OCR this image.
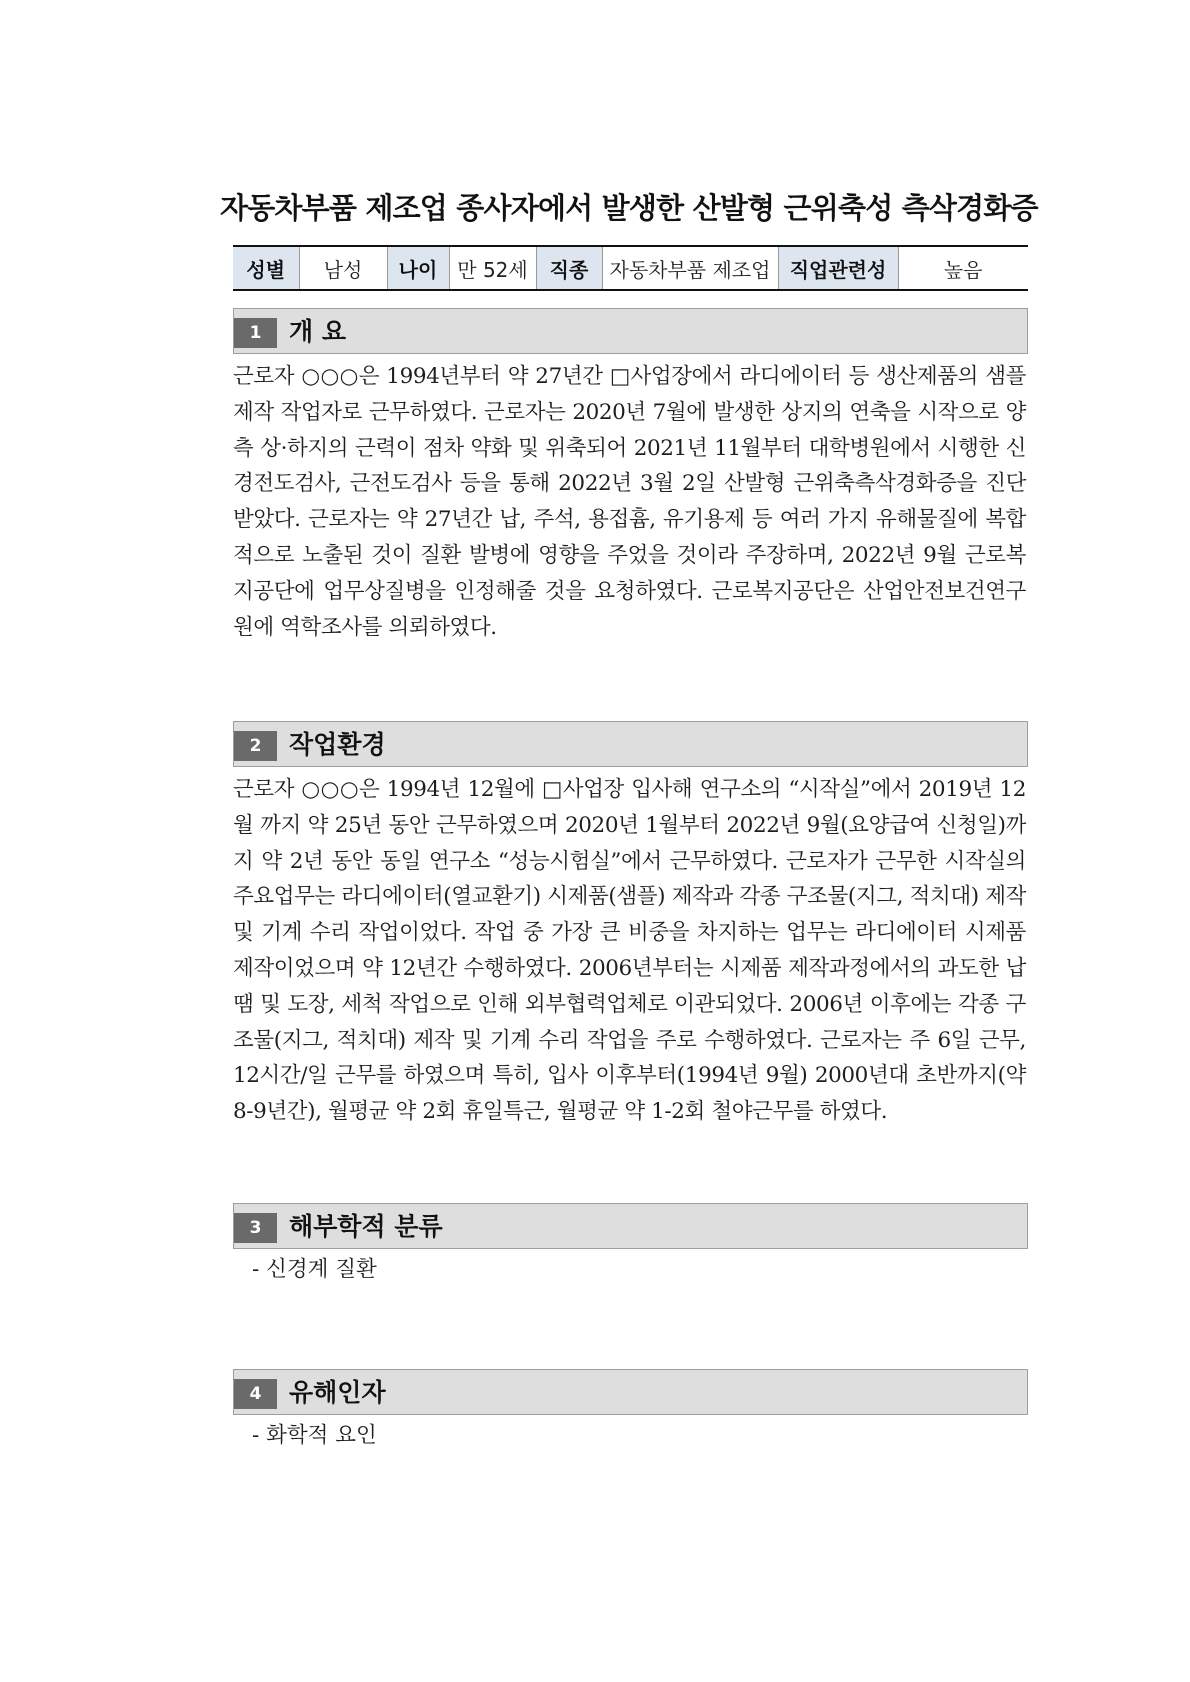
자동차부품 제조업 종사자에서 발생한 산발형 근위축성 측삭경화증
성별	남성	나이	만 52세	직종	자동차부품 제조업	직업관련성	높음
1	개 요

근로자 ○○○은 1994년부터 약 27년간 □사업장에서 라디에이터 등 생산제품의 샘플제작 작업자로 근무하였다. 근로자는 2020년 7월에 발생한 상지의 연축을 시작으로 양측 상·하지의 근력이 점차 약화 및 위축되어 2021년 11월부터 대학병원에서 시행한 신경전도검사, 근전도검사 등을 통해 2022년 3월 2일 산발형 근위축측삭경화증을 진단받았다. 근로자는 약 27년간 납, 주석, 용접흄, 유기용제 등 여러 가지 유해물질에 복합적으로 노출된 것이 질환 발병에 영향을 주었을 것이라 주장하며, 2022년 9월 근로복지공단에 업무상질병을 인정해줄 것을 요청하였다. 근로복지공단은 산업안전보건연구원에 역학조사를 의뢰하였다.

2	작업환경

근로자 ○○○은 1994년 12월에 □사업장 입사해 연구소의 “시작실”에서 2019년 12월 까지 약 25년 동안 근무하였으며 2020년 1월부터 2022년 9월(요양급여 신청일)까지 약 2년 동안 동일 연구소 “성능시험실”에서 근무하였다. 근로자가 근무한 시작실의 주요업무는 라디에이터(열교환기) 시제품(샘플) 제작과 각종 구조물(지그, 적치대) 제작 및 기계 수리 작업이었다. 작업 중 가장 큰 비중을 차지하는 업무는 라디에이터 시제품 제작이었으며 약 12년간 수행하였다. 2006년부터는 시제품 제작과정에서의 과도한 납땜 및 도장, 세척 작업으로 인해 외부협력업체로 이관되었다. 2006년 이후에는 각종 구조물(지그, 적치대) 제작 및 기계 수리 작업을 주로 수행하였다. 근로자는 주 6일 근무, 12시간/일 근무를 하였으며 특히, 입사 이후부터(1994년 9월) 2000년대 초반까지(약 8-9년간), 월평균 약 2회 휴일특근, 월평균 약 1-2회 철야근무를 하였다.

3	해부학적 분류

- 신경계 질환

4	유해인자

- 화학적 요인
